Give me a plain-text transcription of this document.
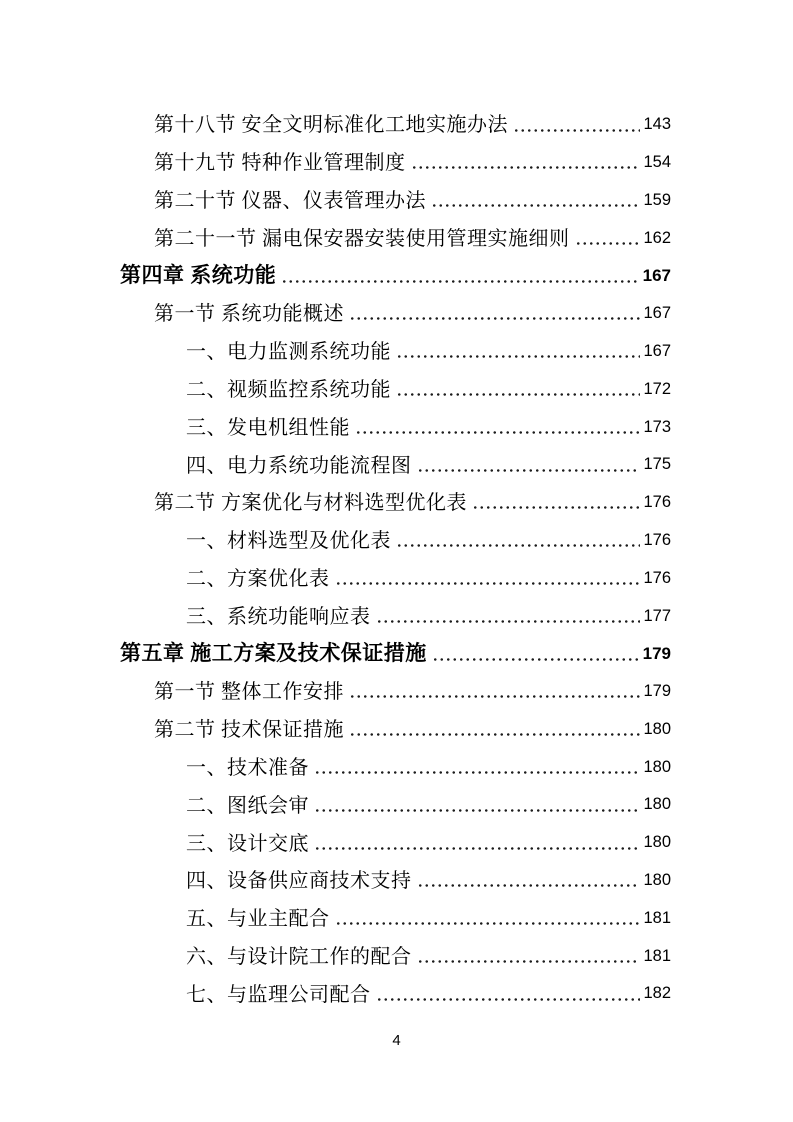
第十八节 安全文明标准化工地实施办法	143
第十九节 特种作业管理制度	154
第二十节 仪器、仪表管理办法	159
第二十一节 漏电保安器安装使用管理实施细则	162
第四章 系统功能	167
第一节 系统功能概述	167
一、电力监测系统功能	167
二、视频监控系统功能	172
三、发电机组性能	173
四、电力系统功能流程图	175
第二节 方案优化与材料选型优化表	176
一、材料选型及优化表	176
二、方案优化表	176
三、系统功能响应表	177
第五章 施工方案及技术保证措施	179
第一节 整体工作安排	179
第二节 技术保证措施	180
一、技术准备	180
二、图纸会审	180
三、设计交底	180
四、设备供应商技术支持	180
五、与业主配合	181
六、与设计院工作的配合	181
七、与监理公司配合	182
4
